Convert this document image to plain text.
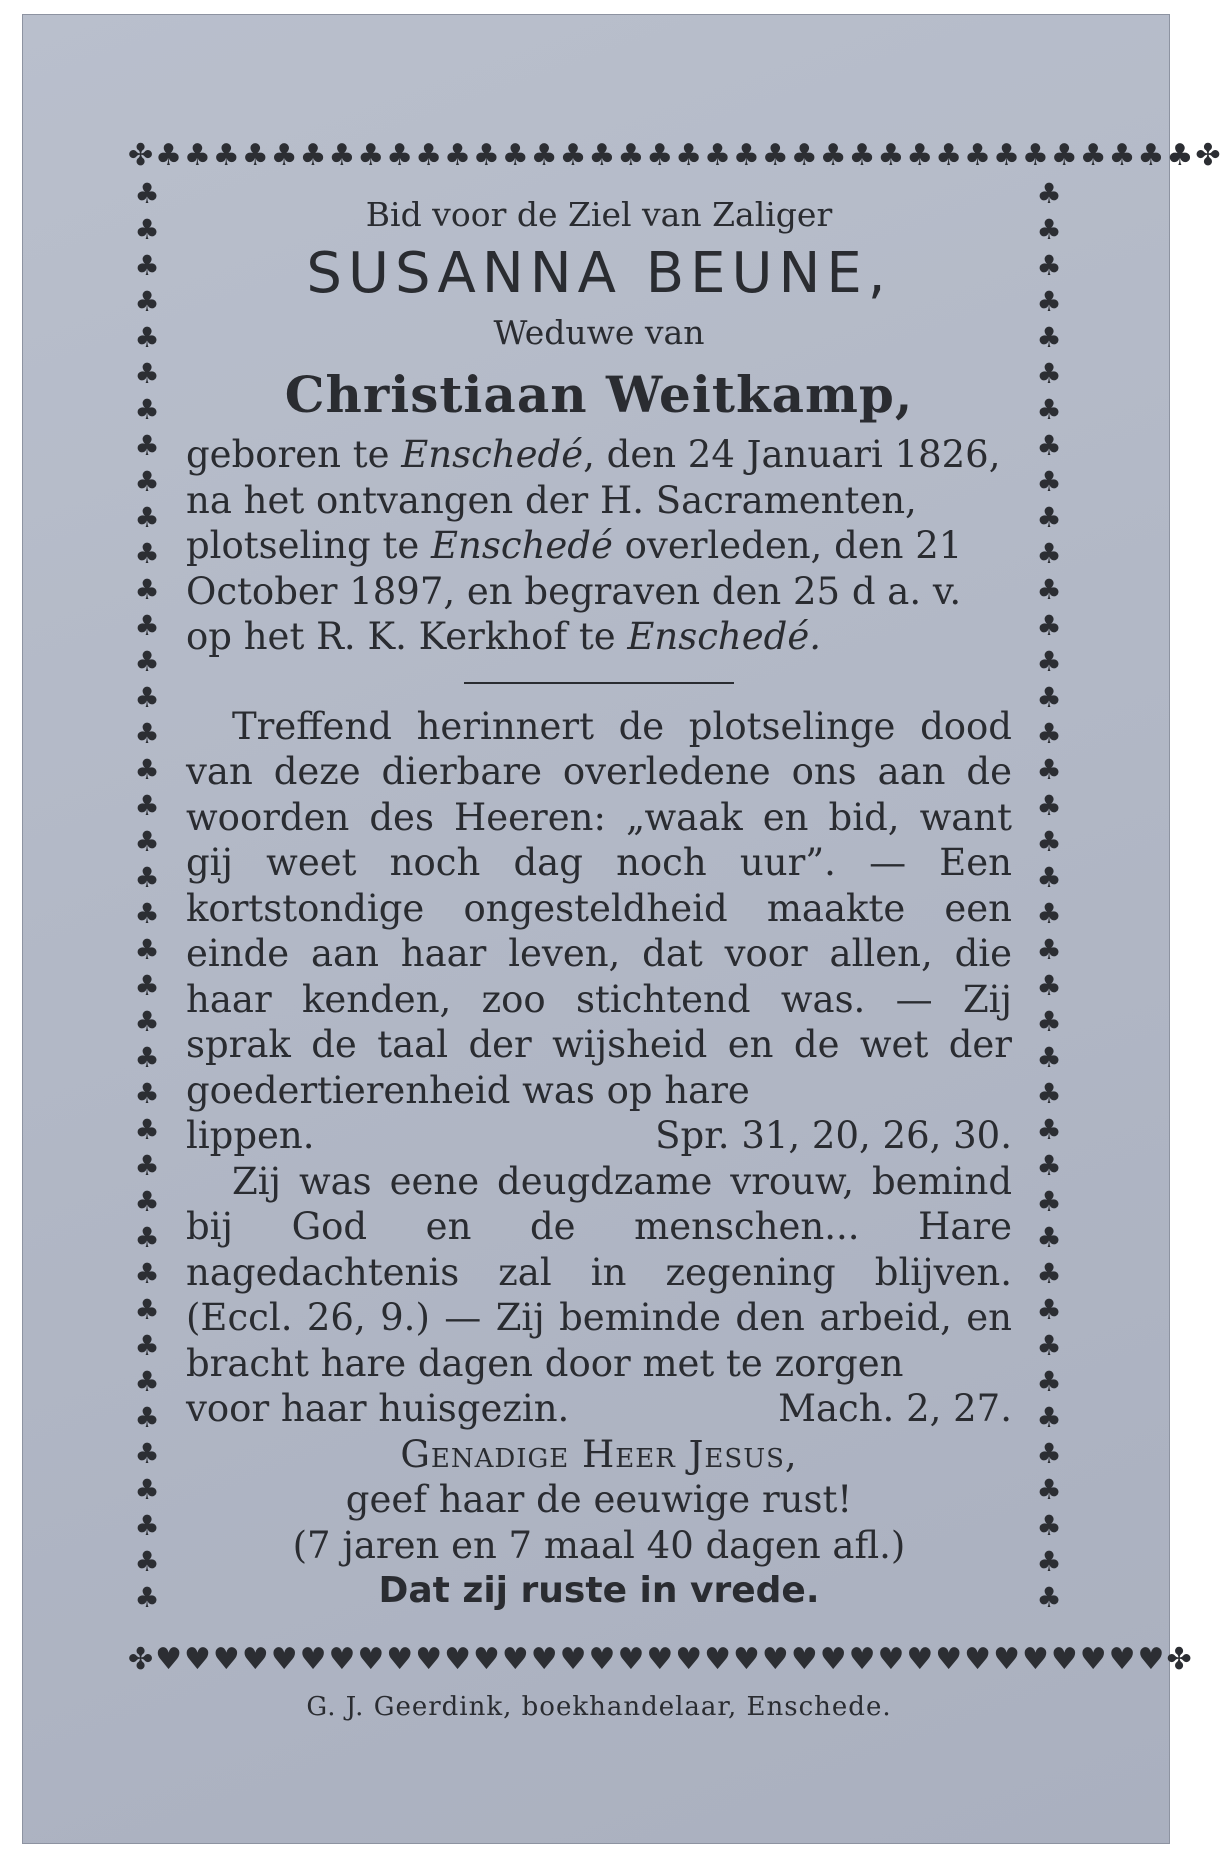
✤♣♣♣♣♣♣♣♣♣♣♣♣♣♣♣♣♣♣♣♣♣♣♣♣♣♣♣♣♣♣♣♣♣♣♣♣✤
✤♥♥♥♥♥♥♥♥♥♥♥♥♥♥♥♥♥♥♥♥♥♥♥♥♥♥♥♥♥♥♥♥♥♥♥✤
♣♣♣♣♣♣♣♣♣♣♣♣♣♣♣♣♣♣♣♣♣♣♣♣♣♣♣♣♣♣♣♣♣♣♣♣♣♣♣♣
♣♣♣♣♣♣♣♣♣♣♣♣♣♣♣♣♣♣♣♣♣♣♣♣♣♣♣♣♣♣♣♣♣♣♣♣♣♣♣♣
Bid voor de Ziel van Zaliger
SUSANNA BEUNE,
Weduwe van
Christiaan Weitkamp,
geboren te Enschedé, den 24 Januari 1826,
na het ontvangen der H. Sacramenten,
plotseling te Enschedé overleden, den 21
October 1897, en begraven den 25 d a. v.
op het R. K. Kerkhof te Enschedé.
Treffend herinnert de plotselinge dood van deze dierbare overledene ons aan de woorden des Heeren: „waak en bid, want gij weet noch dag noch uur”. — Een kortstondige ongesteldheid maakte een einde aan haar leven, dat voor allen, die haar kenden, zoo stichtend was. — Zij sprak de taal der wijsheid en de wet der goedertierenheid was op hare
lippen.	Spr. 31, 20, 26, 30.
Zij was eene deugdzame vrouw, bemind bij God en de menschen... Hare nagedachtenis zal in zegening blijven. (Eccl. 26, 9.) — Zij beminde den arbeid, en bracht hare dagen door met te zorgen
voor haar huisgezin.	Mach. 2, 27.
Genadige Heer Jesus,
geef haar de eeuwige rust!
(7 jaren en 7 maal 40 dagen afl.)
Dat zij ruste in vrede.
G. J. Geerdink, boekhandelaar, Enschede.
